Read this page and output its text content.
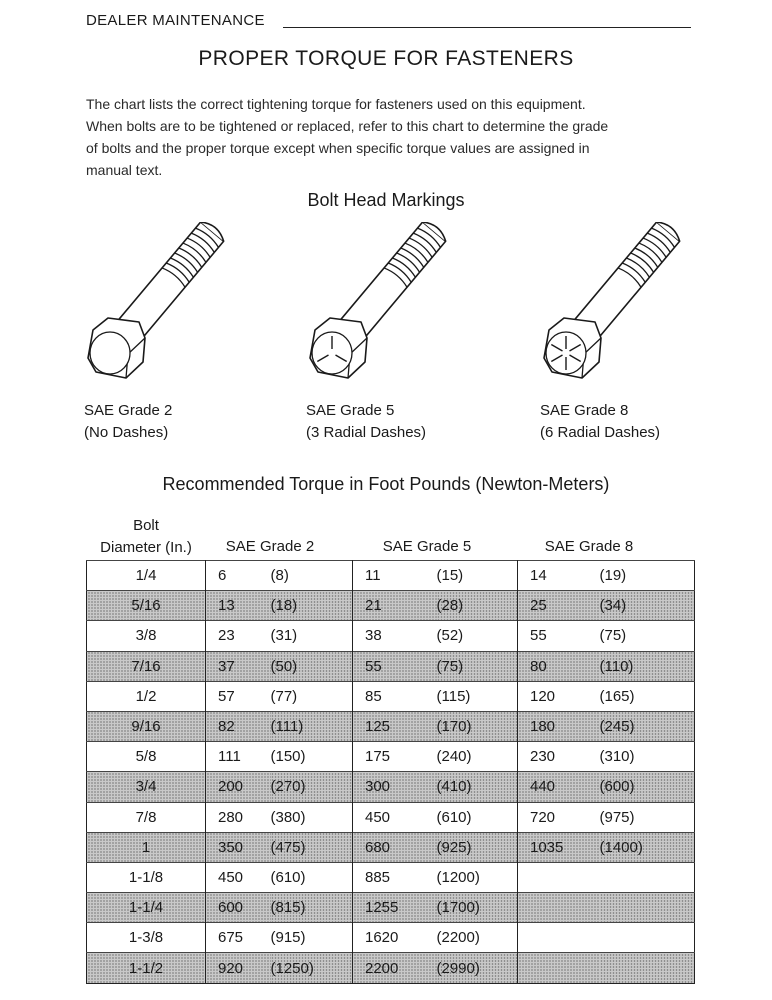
DEALER MAINTENANCE
PROPER TORQUE FOR FASTENERS

The chart lists the correct tightening torque for fasteners used on this equipment.
When bolts are to be tightened or replaced, refer to this chart to determine the grade
of bolts and the proper torque except when specific torque values are assigned in
manual text.

Bolt Head Markings
SAE Grade 2
(No Dashes)
SAE Grade 5
(3 Radial Dashes)
SAE Grade 8
(6 Radial Dashes)
Recommended Torque in Foot Pounds (Newton-Meters)
Bolt
Diameter (In.)	SAE Grade 2	SAE Grade 5	SAE Grade 8
1/4	6	(8)	11	(15)	14	(19)
5/16	13	(18)	21	(28)	25	(34)
3/8	23	(31)	38	(52)	55	(75)
7/16	37	(50)	55	(75)	80	(110)
1/2	57	(77)	85	(115)	120	(165)
9/16	82	(111)	125	(170)	180	(245)
5/8	111	(150)	175	(240)	230	(310)
3/4	200	(270)	300	(410)	440	(600)
7/8	280	(380)	450	(610)	720	(975)
1	350	(475)	680	(925)	1035	(1400)
1-1/8	450	(610)	885	(1200)		
1-1/4	600	(815)	1255	(1700)		
1-3/8	675	(915)	1620	(2200)		
1-1/2	920	(1250)	2200	(2990)		
